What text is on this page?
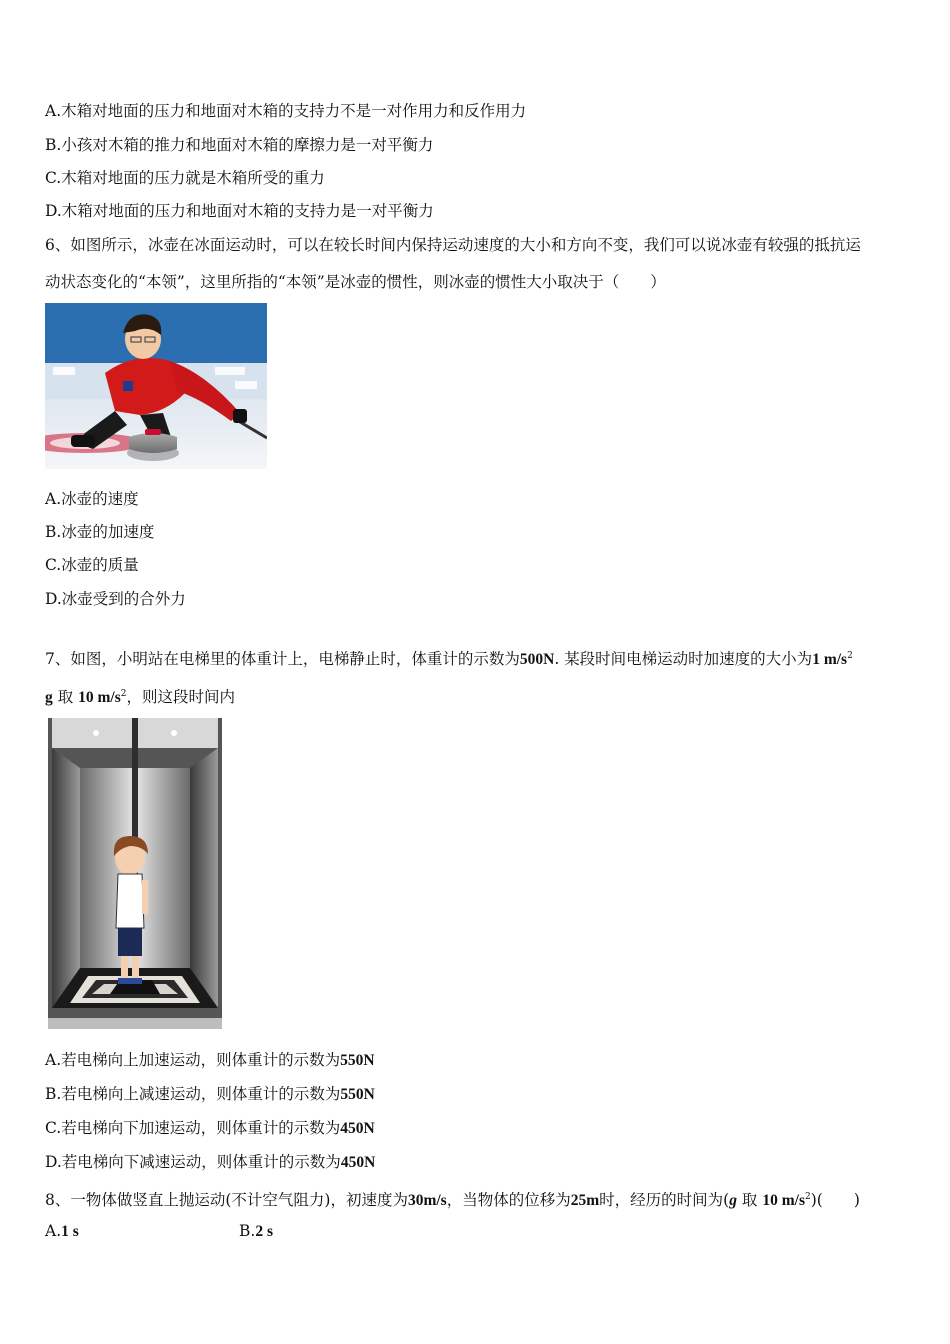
A.木箱对地面的压力和地面对木箱的支持力不是一对作用力和反作用力
B.小孩对木箱的推力和地面对木箱的摩擦力是一对平衡力
C.木箱对地面的压力就是木箱所受的重力
D.木箱对地面的压力和地面对木箱的支持力是一对平衡力
6、如图所示，冰壶在冰面运动时，可以在较长时间内保持运动速度的大小和方向不变，我们可以说冰壶有较强的抵抗运
动状态变化的“本领”，这里所指的“本领”是冰壶的惯性，则冰壶的惯性大小取决于（　　）
A.冰壶的速度
B.冰壶的加速度
C.冰壶的质量
D.冰壶受到的合外力
7、如图，小明站在电梯里的体重计上，电梯静止时，体重计的示数为500N. 某段时间电梯运动时加速度的大小为1 $m/s^2$
g 取 10 $m/s^2$，则这段时间内
A.若电梯向上加速运动，则体重计的示数为550N
B.若电梯向上减速运动，则体重计的示数为550N
C.若电梯向下加速运动，则体重计的示数为450N
D.若电梯向下减速运动，则体重计的示数为450N
8、一物体做竖直上抛运动(不计空气阻力)，初速度为30m/s，当物体的位移为25m时，经历的时间为(g 取 10 $m/s^2$)(　　)
A.1 s	B.2 s
